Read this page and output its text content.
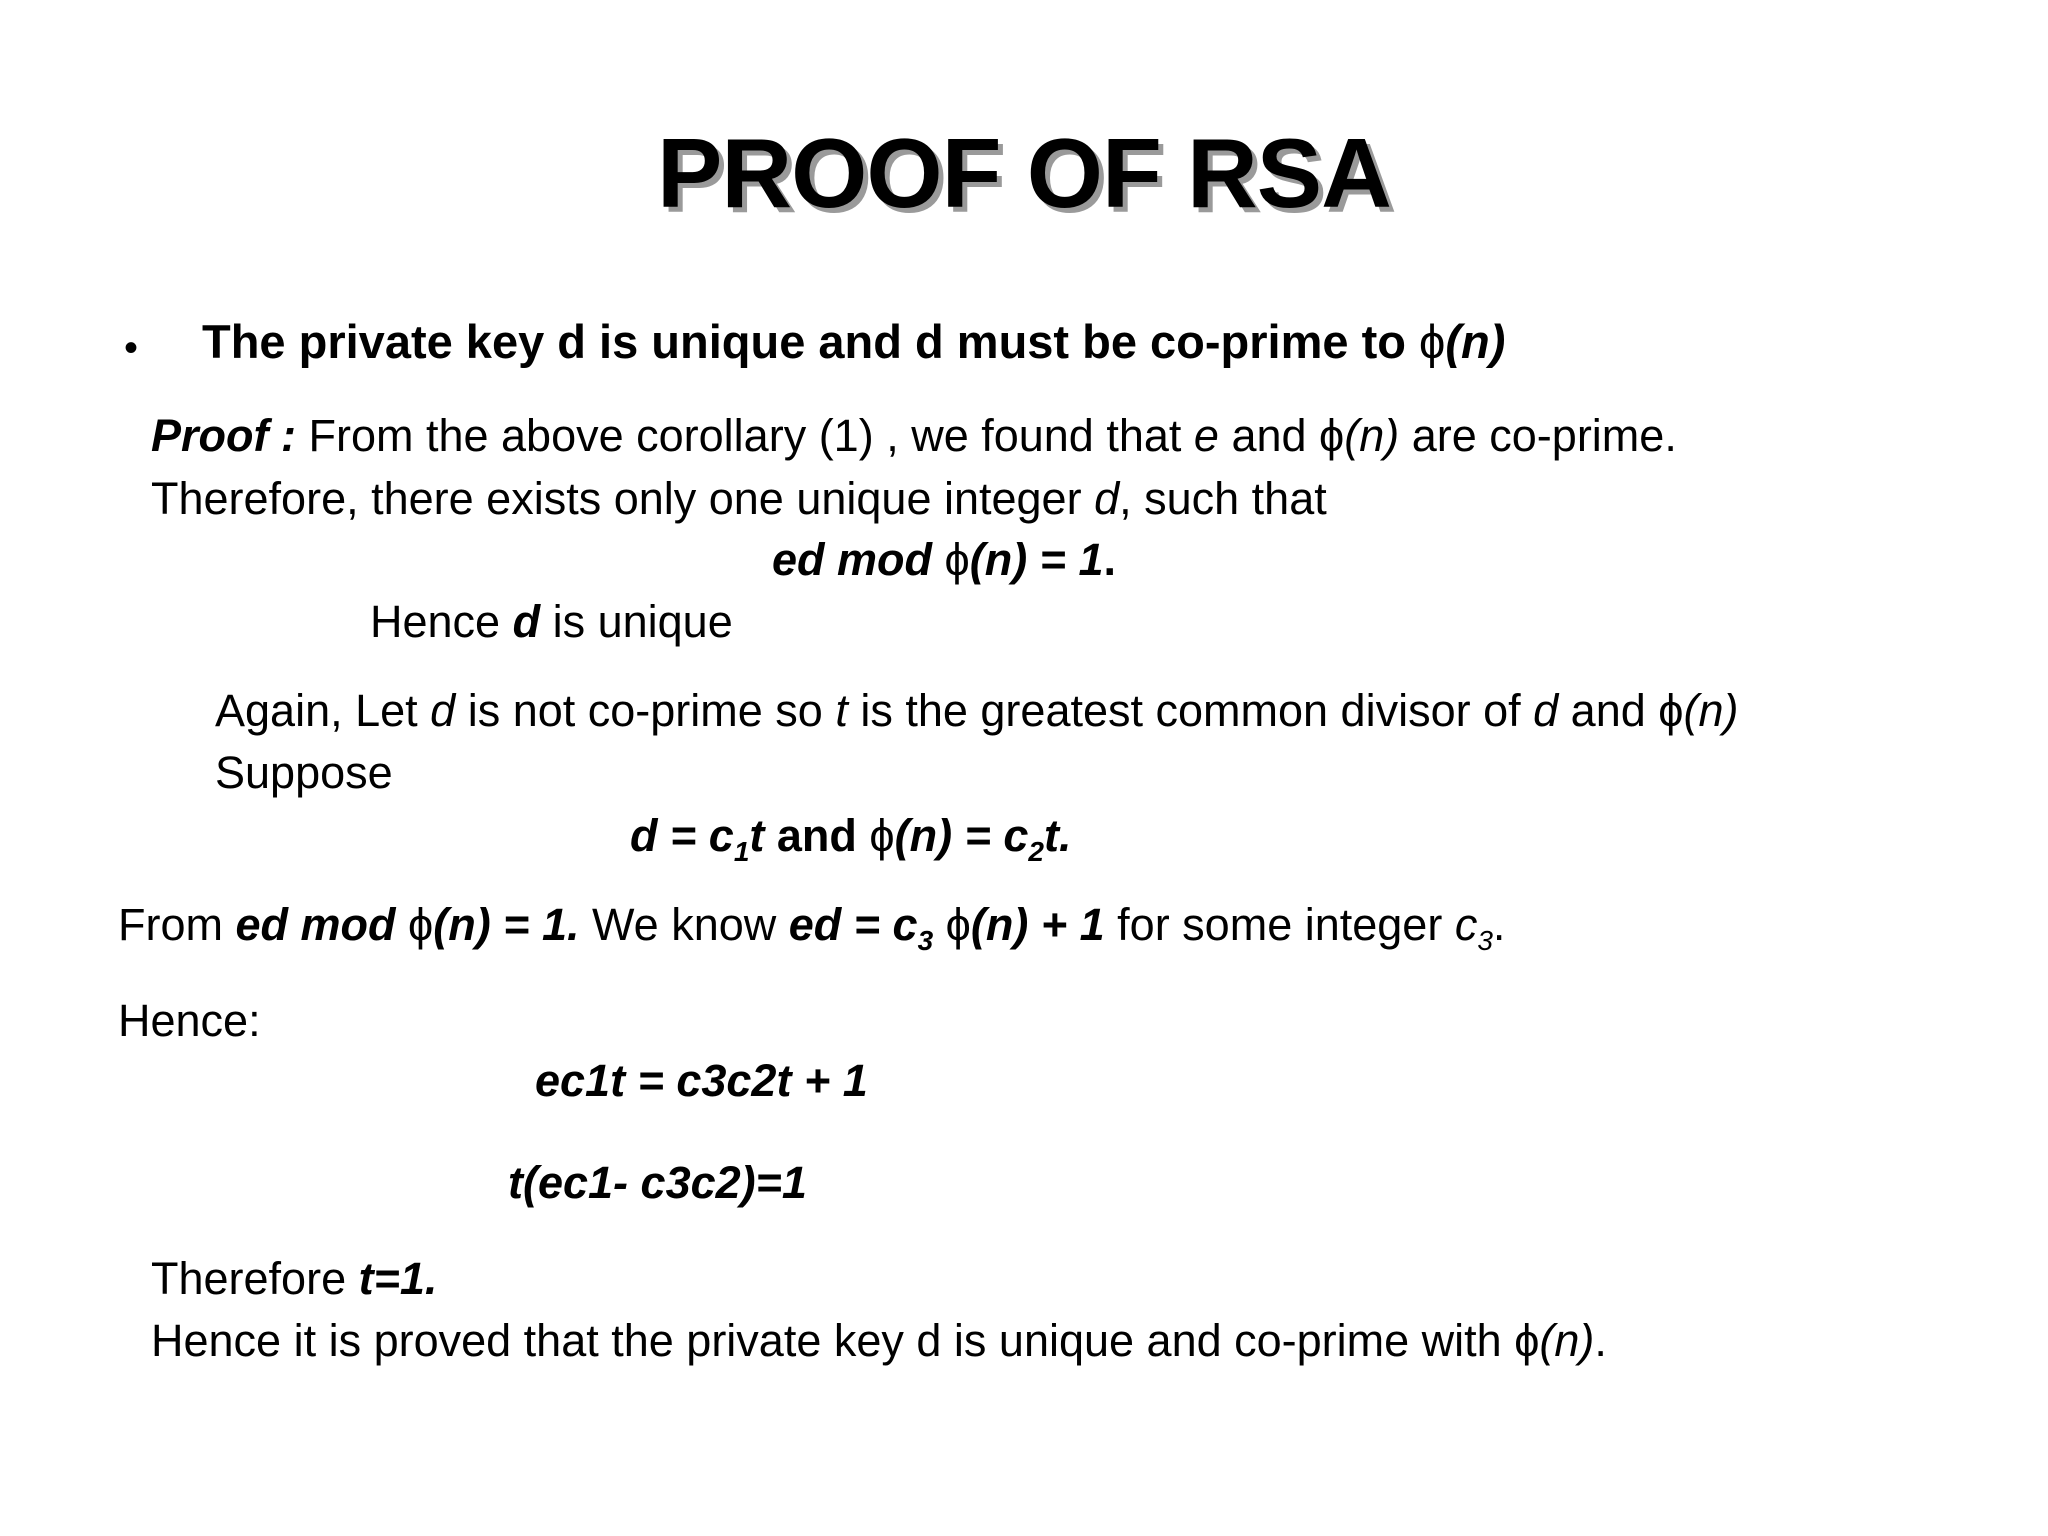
PROOF OF RSA
• The private key d is unique and d must be co-prime to ϕ(n)
Proof : From the above corollary (1) , we found that e and ϕ(n) are co-prime.
Therefore, there exists only one unique integer d, such that
ed mod ϕ(n) = 1.
Hence d is unique
Again, Let d is not co-prime so t is the greatest common divisor of d and ϕ(n)
Suppose
$d = c_1t$ and $\phi(n) = c_2t$.
From ed mod ϕ(n) = 1. We know ed = $c_3$ ϕ(n) + 1 for some integer $c_3$.
Hence:
ec1t = c3c2t + 1
t(ec1- c3c2)=1
Therefore t=1.
Hence it is proved that the private key d is unique and co-prime with ϕ(n).
